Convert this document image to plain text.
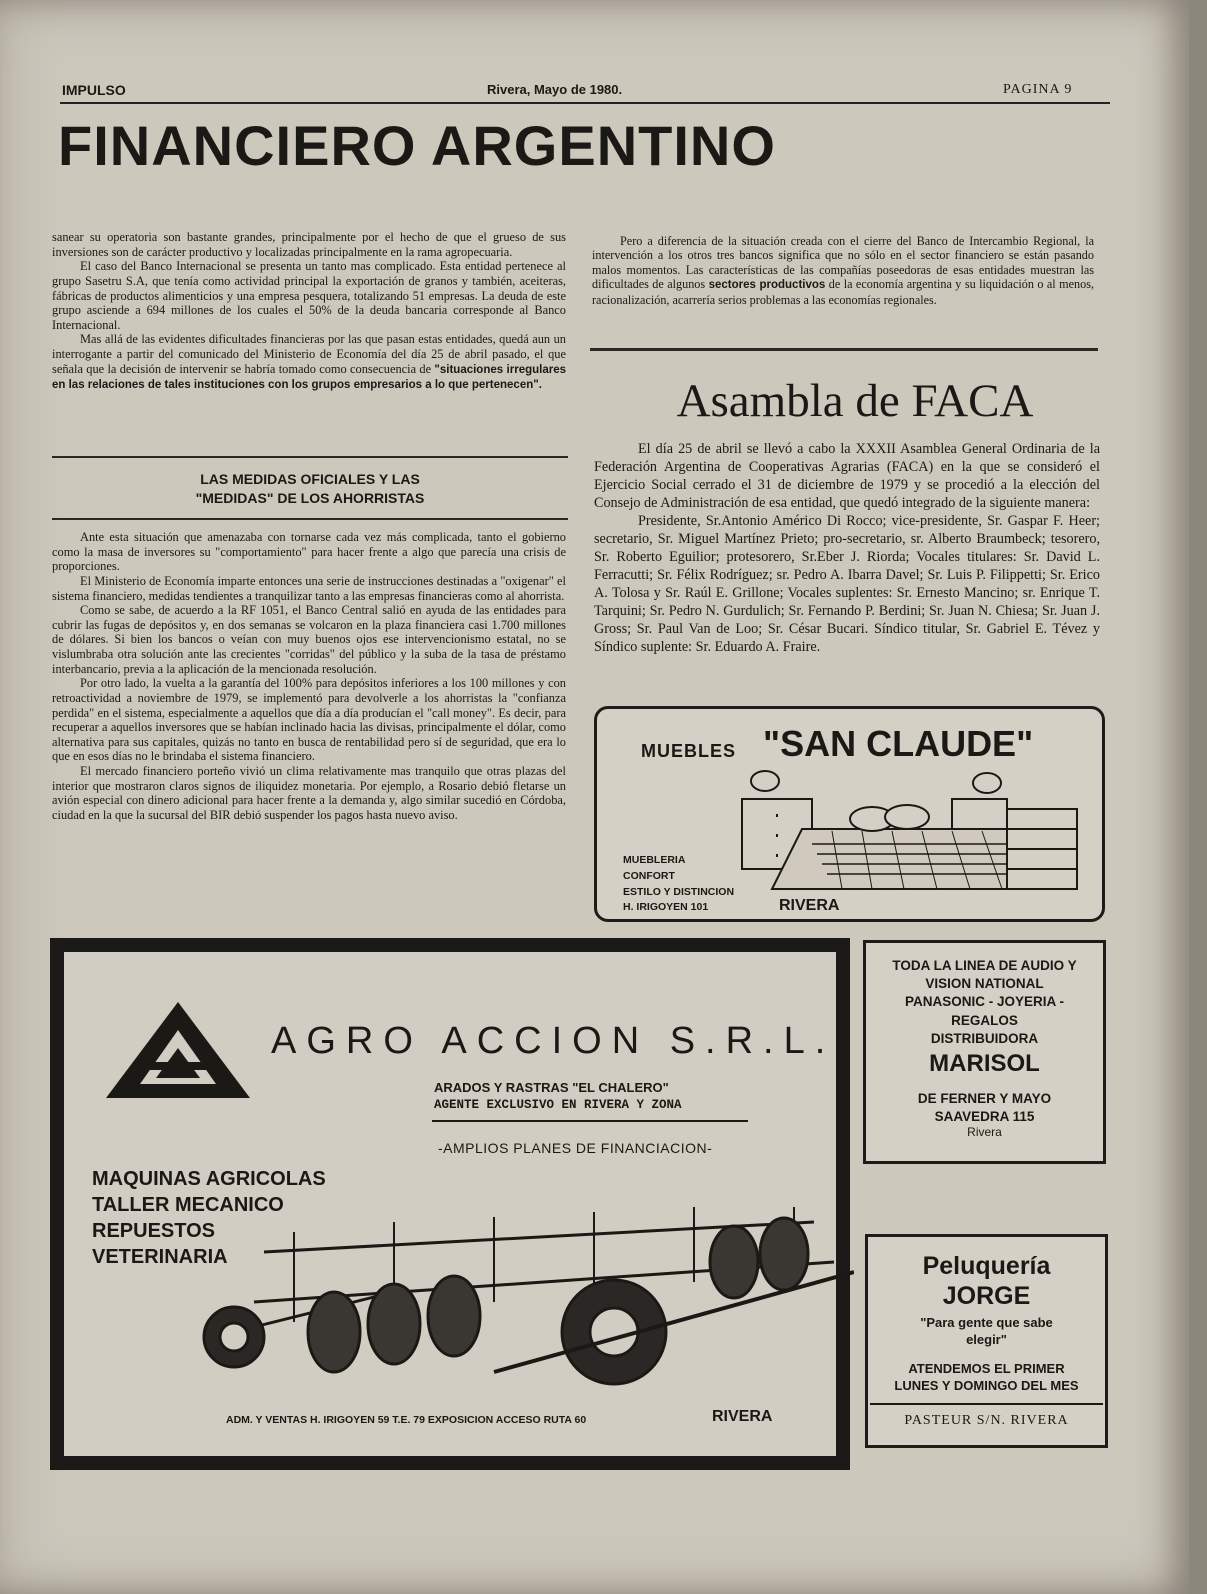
IMPULSO	Rivera, Mayo de 1980.	PAGINA 9
FINANCIERO ARGENTINO

sanear su operatoria son bastante grandes, principalmente por el hecho de que el grueso de sus inversiones son de carácter productivo y localizadas principalmente en la rama agropecuaria.

El caso del Banco Internacional se presenta un tanto mas complicado. Esta entidad pertenece al grupo Sasetru S.A, que tenía como actividad principal la exportación de granos y también, aceiteras, fábricas de productos alimenticios y una empresa pesquera, totalizando 51 empresas. La deuda de este grupo asciende a 694 millones de los cuales el 50% de la deuda bancaria corresponde al Banco Internacional.

Mas allá de las evidentes dificultades financieras por las que pasan estas entidades, quedá aun un interrogante a partir del comunicado del Ministerio de Economía del día 25 de abril pasado, el que señala que la decisión de intervenir se habría tomado como consecuencia de "situaciones irregulares en las relaciones de tales instituciones con los grupos empresarios a lo que pertenecen".

LAS MEDIDAS OFICIALES Y LAS
"MEDIDAS" DE LOS AHORRISTAS

Ante esta situación que amenazaba con tornarse cada vez más complicada, tanto el gobierno como la masa de inversores su "comportamiento" para hacer frente a algo que parecía una crisis de proporciones.

El Ministerio de Economía imparte entonces una serie de instrucciones destinadas a "oxigenar" el sistema financiero, medidas tendientes a tranquilizar tanto a las empresas financieras como al ahorrista.

Como se sabe, de acuerdo a la RF 1051, el Banco Central salió en ayuda de las entidades para cubrir las fugas de depósitos y, en dos semanas se volcaron en la plaza financiera casi 1.700 millones de dólares. Si bien los bancos o veían con muy buenos ojos ese intervencionismo estatal, no se vislumbraba otra solución ante las crecientes "corridas" del público y la suba de la tasa de préstamo interbancario, previa a la aplicación de la mencionada resolución.

Por otro lado, la vuelta a la garantía del 100% para depósitos inferiores a los 100 millones y con retroactividad a noviembre de 1979, se implementó para devolverle a los ahorristas la "confianza perdida" en el sistema, especialmente a aquellos que día a día producían el "call money". Es decir, para recuperar a aquellos inversores que se habían inclinado hacia las divisas, principalmente el dólar, como alternativa para sus capitales, quizás no tanto en busca de rentabilidad pero sí de seguridad, que era lo que en esos días no le brindaba el sistema financiero.

El mercado financiero porteño vivió un clima relativamente mas tranquilo que otras plazas del interior que mostraron claros signos de iliquidez monetaria. Por ejemplo, a Rosario debió fletarse un avión especial con dinero adicional para hacer frente a la demanda y, algo similar sucedió en Córdoba, ciudad en la que la sucursal del BIR debió suspender los pagos hasta nuevo aviso.

Pero a diferencia de la situación creada con el cierre del Banco de Intercambio Regional, la intervención a los otros tres bancos significa que no sólo en el sector financiero se están pasando malos momentos. Las características de las compañías poseedoras de esas entidades muestran las dificultades de algunos sectores productivos de la economía argentina y su liquidación o al menos, racionalización, acarrería serios problemas a las economías regionales.

Asambla de FACA

El día 25 de abril se llevó a cabo la XXXII Asamblea General Ordinaria de la Federación Argentina de Cooperativas Agrarias (FACA) en la que se consideró el Ejercicio Social cerrado el 31 de diciembre de 1979 y se procedió a la elección del Consejo de Administración de esa entidad, que quedó integrado de la siguiente manera:

Presidente, Sr.Antonio Américo Di Rocco; vice-presidente, Sr. Gaspar F. Heer; secretario, Sr. Miguel Martínez Prieto; pro-secretario, sr. Alberto Braumbeck; tesorero, Sr. Roberto Eguilior; protesorero, Sr.Eber J. Riorda; Vocales titulares: Sr. David L. Ferracutti; Sr. Félix Rodríguez; sr. Pedro A. Ibarra Davel; Sr. Luis P. Filippetti; Sr. Erico A. Tolosa y Sr. Raúl E. Grillone; Vocales suplentes: Sr. Ernesto Mancino; sr. Enrique T. Tarquini; Sr. Pedro N. Gurdulich; Sr. Fernando P. Berdini; Sr. Juan N. Chiesa; Sr. Juan J. Gross; Sr. Paul Van de Loo; Sr. César Bucari. Síndico titular, Sr. Gabriel E. Tévez y Síndico suplente: Sr. Eduardo A. Fraire.

MUEBLES "SAN CLAUDE"
MUEBLERIA
CONFORT
ESTILO Y DISTINCION
H. IRIGOYEN 101	RIVERA
AGRO ACCION S.R.L.
ARADOS Y RASTRAS "EL CHALERO"
AGENTE EXCLUSIVO EN RIVERA Y ZONA
-AMPLIOS PLANES DE FINANCIACION-
MAQUINAS AGRICOLAS
TALLER MECANICO
REPUESTOS
VETERINARIA
ADM. Y VENTAS H. IRIGOYEN 59 T.E. 79 EXPOSICION ACCESO RUTA 60	RIVERA
TODA LA LINEA DE AUDIO Y
VISION NATIONAL
PANASONIC - JOYERIA -
REGALOS
DISTRIBUIDORA
MARISOL
DE FERNER Y MAYO
SAAVEDRA 115
Rivera
Peluquería
JORGE
"Para gente que sabe elegir"
ATENDEMOS EL PRIMER
LUNES Y DOMINGO DEL MES
PASTEUR S/N. RIVERA
